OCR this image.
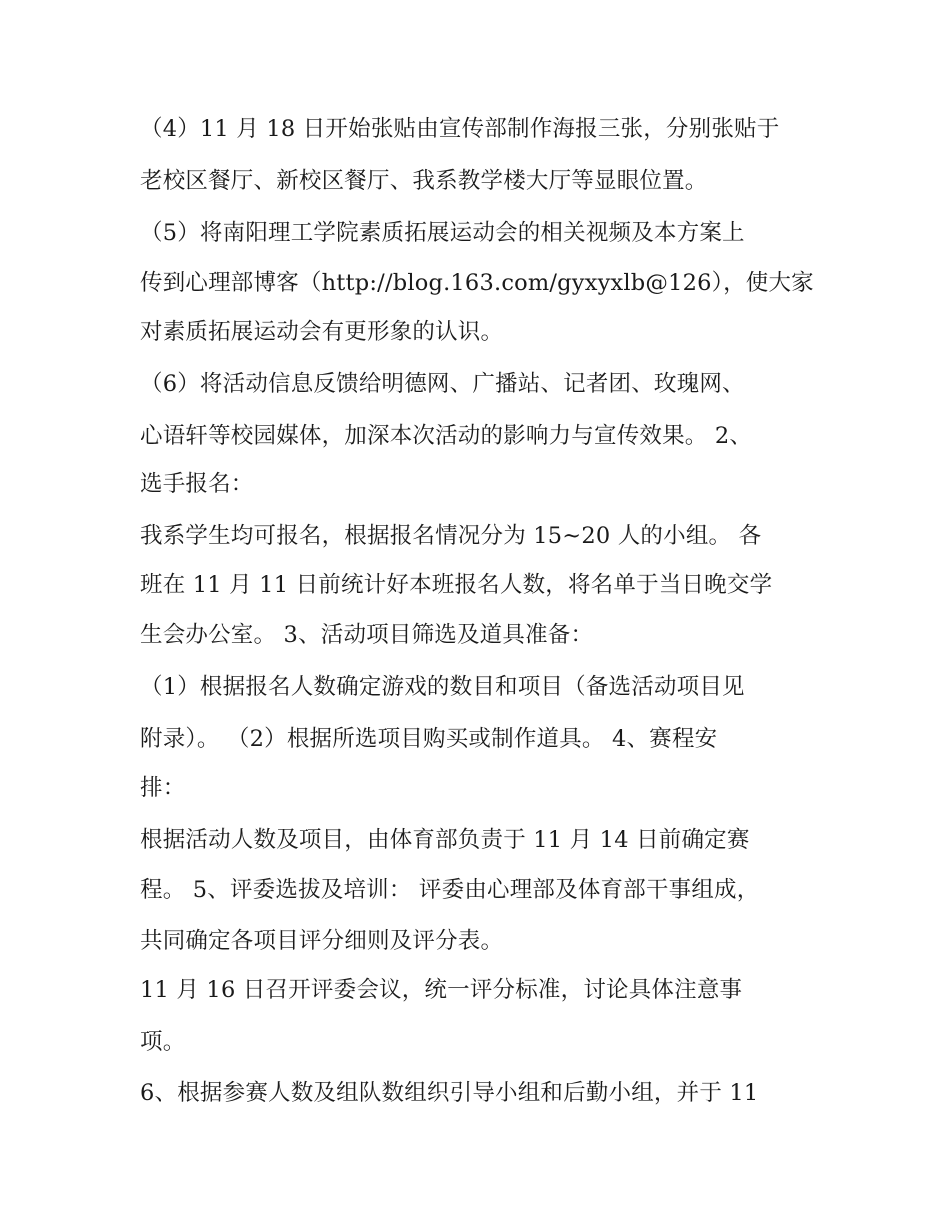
（4）11 月 18 日开始张贴由宣传部制作海报三张，分别张贴于

老校区餐厅、新校区餐厅、我系教学楼大厅等显眼位置。

（5）将南阳理工学院素质拓展运动会的相关视频及本方案上

传到心理部博客（http://blog.163.com/gyxyxlb@126），使大家

对素质拓展运动会有更形象的认识。

（6）将活动信息反馈给明德网、广播站、记者团、玫瑰网、

心语轩等校园媒体，加深本次活动的影响力与宣传效果。 2、

选手报名：

我系学生均可报名，根据报名情况分为 15~20 人的小组。 各

班在 11 月 11 日前统计好本班报名人数，将名单于当日晚交学

生会办公室。 3、活动项目筛选及道具准备：

（1）根据报名人数确定游戏的数目和项目（备选活动项目见

附录）。 （2）根据所选项目购买或制作道具。 4、赛程安

排：

根据活动人数及项目，由体育部负责于 11 月 14 日前确定赛

程。 5、评委选拔及培训： 评委由心理部及体育部干事组成，

共同确定各项目评分细则及评分表。

11 月 16 日召开评委会议，统一评分标准，讨论具体注意事

项。

6、根据参赛人数及组队数组织引导小组和后勤小组，并于 11
